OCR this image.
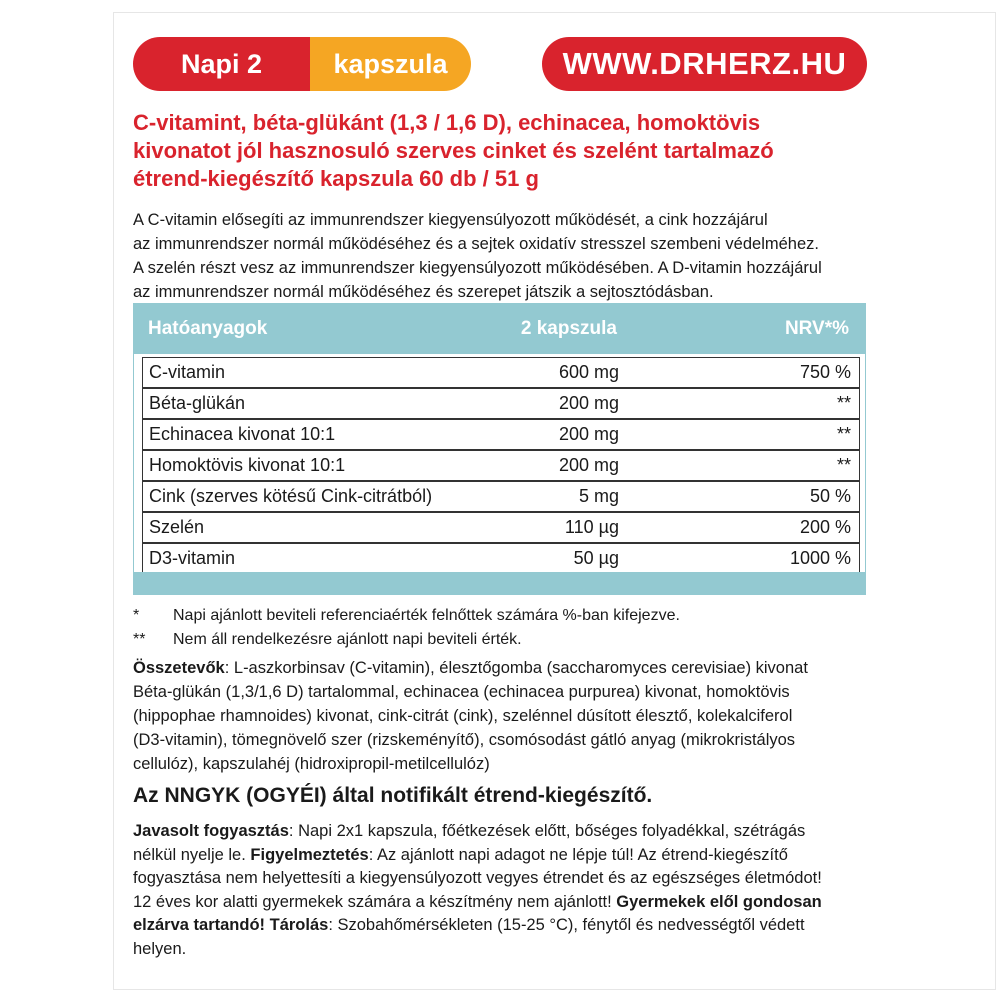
Napi 2	kapszula	WWW.DRHERZ.HU
C-vitamint, béta-glükánt (1,3 / 1,6 D), echinacea, homoktövis
kivonatot jól hasznosuló szerves cinket és szelént tartalmazó
étrend-kiegészítő kapszula 60 db / 51 g
A C-vitamin elősegíti az immunrendszer kiegyensúlyozott működését, a cink hozzájárul
az immunrendszer normál működéséhez és a sejtek oxidatív stresszel szembeni védelméhez.
A szelén részt vesz az immunrendszer kiegyensúlyozott működésében. A D-vitamin hozzájárul
az immunrendszer normál működéséhez és szerepet játszik a sejtosztódásban.
Hatóanyagok	2 kapszula	NRV*%
C-vitamin	600 mg	750 %
Béta-glükán	200 mg	**
Echinacea kivonat 10:1	200 mg	**
Homoktövis kivonat 10:1	200 mg	**
Cink (szerves kötésű Cink-citrátból)	5 mg	50 %
Szelén	110 µg	200 %
D3-vitamin	50 µg	1000 %
* Napi ajánlott beviteli referenciaérték felnőttek számára %-ban kifejezve.
** Nem áll rendelkezésre ajánlott napi beviteli érték.
Összetevők: L-aszkorbinsav (C-vitamin), élesztőgomba (saccharomyces cerevisiae) kivonat
Béta-glükán (1,3/1,6 D) tartalommal, echinacea (echinacea purpurea) kivonat, homoktövis
(hippophae rhamnoides) kivonat, cink-citrát (cink), szelénnel dúsított élesztő, kolekalciferol
(D3-vitamin), tömegnövelő szer (rizskeményítő), csomósodást gátló anyag (mikrokristályos
cellulóz), kapszulahéj (hidroxipropil-metilcellulóz)
Az NNGYK (OGYÉI) által notifikált étrend-kiegészítő.
Javasolt fogyasztás: Napi 2x1 kapszula, főétkezések előtt, bőséges folyadékkal, szétrágás
nélkül nyelje le. Figyelmeztetés: Az ajánlott napi adagot ne lépje túl! Az étrend-kiegészítő
fogyasztása nem helyettesíti a kiegyensúlyozott vegyes étrendet és az egészséges életmódot!
12 éves kor alatti gyermekek számára a készítmény nem ajánlott! Gyermekek elől gondosan
elzárva tartandó! Tárolás: Szobahőmérsékleten (15-25 °C), fénytől és nedvességtől védett
helyen.
